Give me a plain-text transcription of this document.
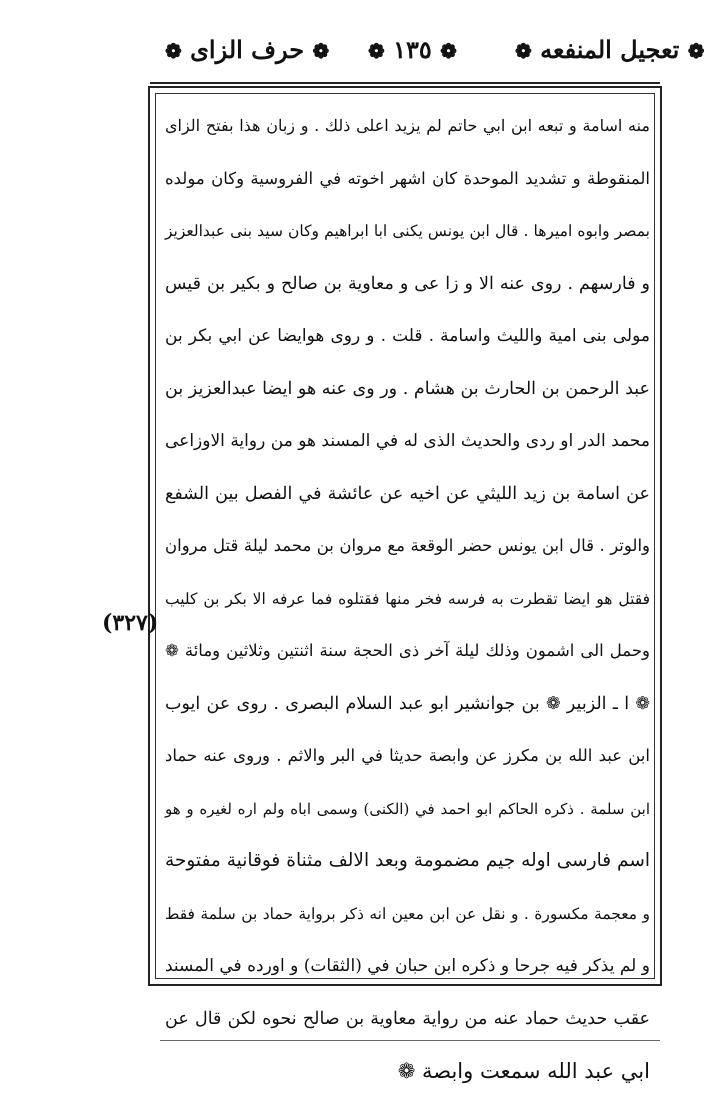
❁ حرف الزاى ❁	❁ ١٣٥ ❁	❁ تعجيل المنفعه ❁
(٣٢٧)
منه اسامة و تبعه ابن ابي حاتم لم يزيد اعلى ذلك . و زبان هذا بفتح الزاى
المنقوطة و تشديد الموحدة كان اشهر اخوته في الفروسية وكان مولده
بمصر وابوه اميرها . قال ابن يونس يكنى ابا ابراهيم وكان سيد بنى عبدالعزيز
و فارسهم . روى عنه الا و زا عى و معاوية بن صالح و بكير بن قيس
مولى بنى امية والليث واسامة . قلت . و روى هوايضا عن ابي بكر بن
عبد الرحمن بن الحارث بن هشام . ور وى عنه هو ايضا عبدالعزيز بن
محمد الدر او ردى والحديث الذى له في المسند هو من رواية الاوزاعى
عن اسامة بن زيد الليثي عن اخيه عن عائشة في الفصل بين الشفع
والوتر . قال ابن يونس حضر الوقعة مع مروان بن محمد ليلة قتل مروان
فقتل هو ايضا تقطرت به فرسه فخر منها فقتلوه فما عرفه الا بكر بن كليب
وحمل الى اشمون وذلك ليلة آخر ذى الحجة سنة اثنتين وثلاثين ومائة ❁
❁ ا ـ الزبير ❁ بن جوانشير ابو عبد السلام البصرى . روى عن ايوب
ابن عبد الله بن مكرز عن وابصة حديثا في البر والاثم . وروى عنه حماد
ابن سلمة . ذكره الحاكم ابو احمد في (الكنى) وسمى اباه ولم اره لغيره و هو
اسم فارسى اوله جيم مضمومة وبعد الالف مثناة فوقانية مفتوحة
و معجمة مكسورة . و نقل عن ابن معين انه ذكر برواية حماد بن سلمة فقط
و لم يذكر فيه جرحا و ذكره ابن حبان في (الثقات) و اورده في المسند
عقب حديث حماد عنه من رواية معاوية بن صالح نحوه لكن قال عن
ابي عبد الله سمعت وابصة ❁
